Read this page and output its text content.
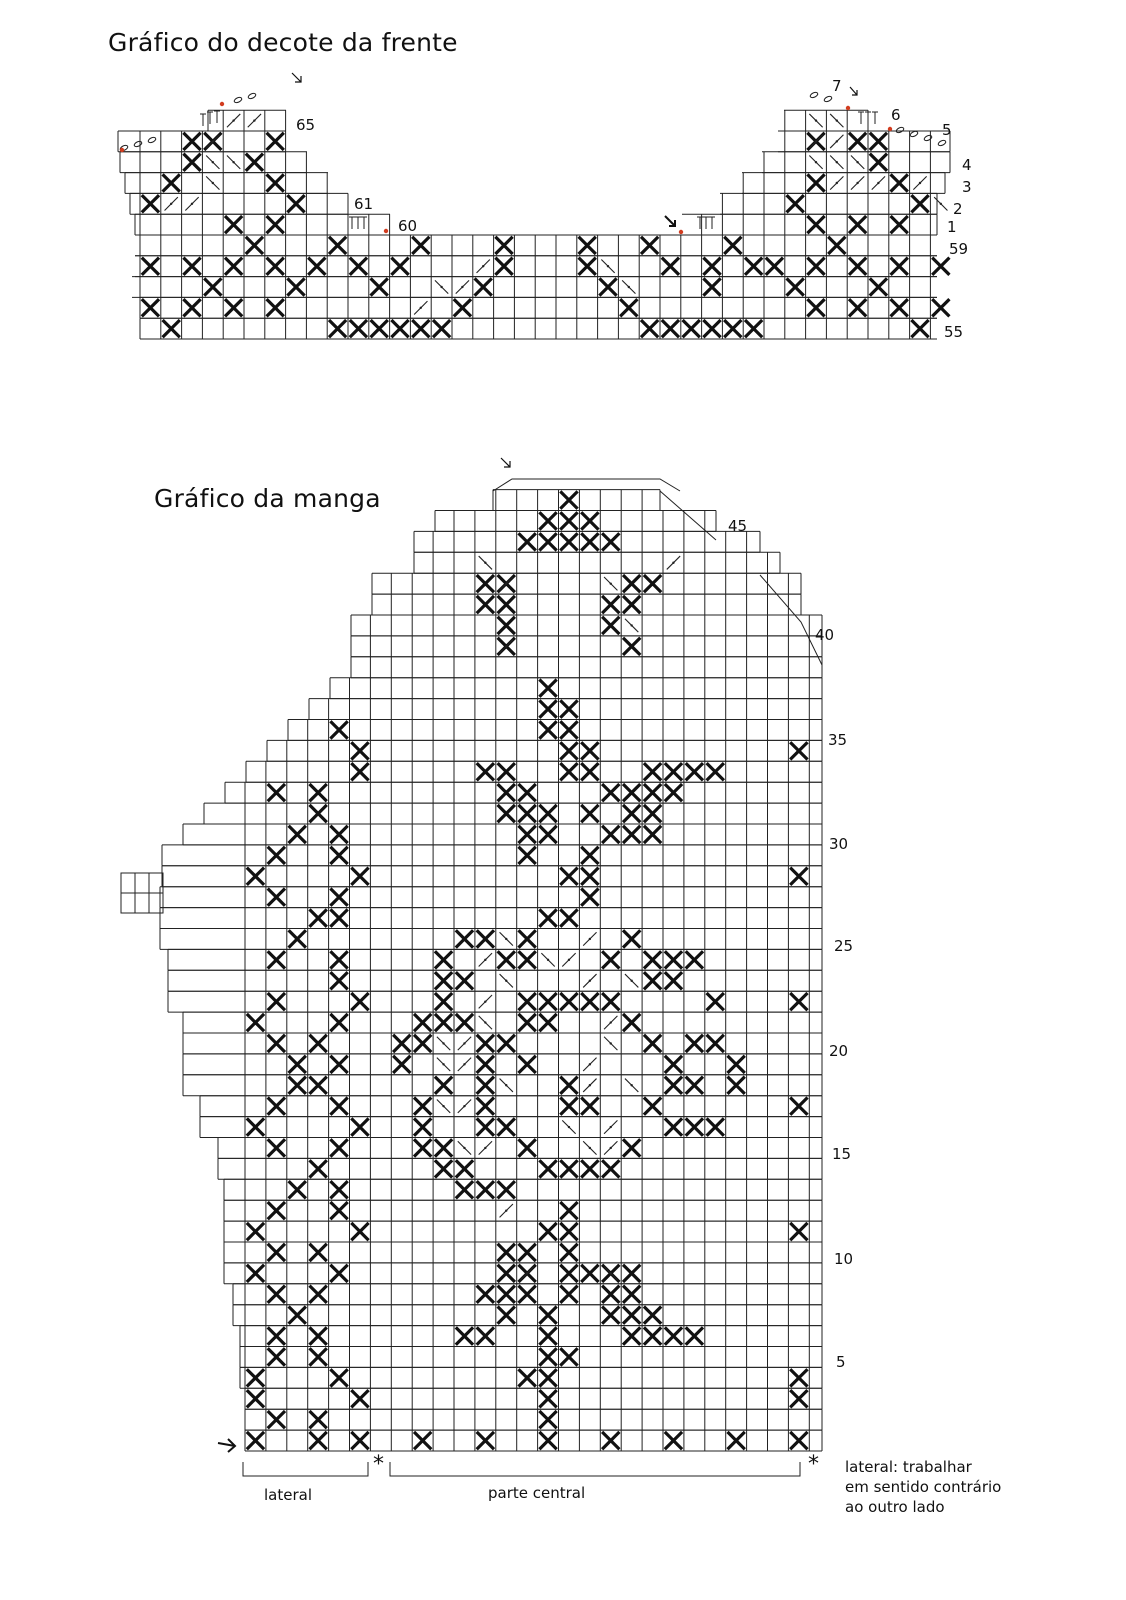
Gráfico do decote da frente
Gráfico da manga
55
59
60
61
65
1
2
3
4
5
6
7
5
10
15
20
25
30
35
40
45
lateral	parte central
*	* lateral: trabalhar
em sentido contrário
ao outro lado
